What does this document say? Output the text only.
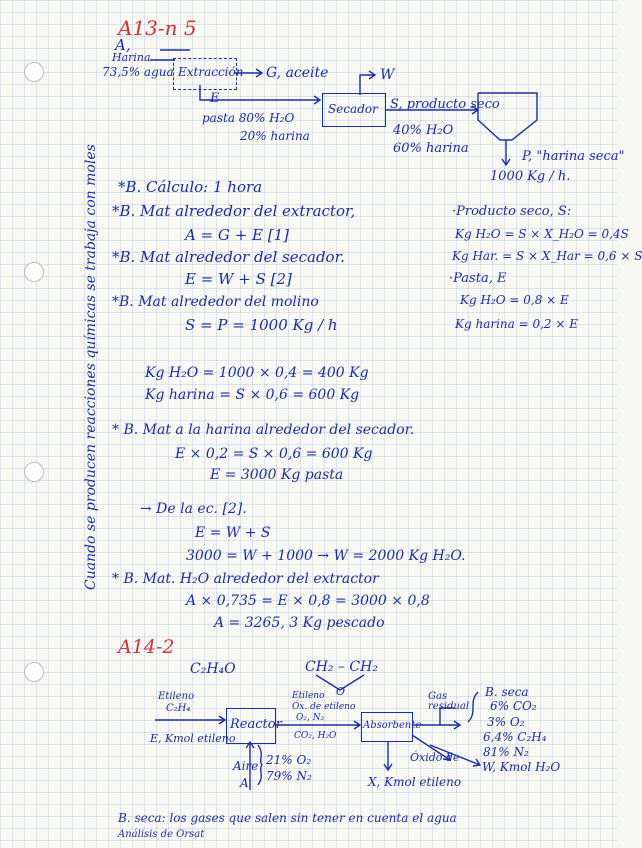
A13-n 5
A,
Harina
73,5% agua Extracción G, aceite	W
Secador S, producto seco
E
pasta 80% H₂O
20% harina	40% H₂O
60% harina
P, "harina seca"
1000 Kg / h.
*B. Cálculo: 1 hora
*B. Mat alrededor del extractor,
A = G + E [1]
*B. Mat alrededor del secador.
E = W + S [2]
*B. Mat alrededor del molino
S = P = 1000 Kg / h
Kg H₂O = 1000 × 0,4 = 400 Kg
Kg harina = S × 0,6 = 600 Kg
* B. Mat a la harina alrededor del secador.
E × 0,2 = S × 0,6 = 600 Kg
E = 3000 Kg pasta
→ De la ec. [2].
E = W + S
3000 = W + 1000 → W = 2000 Kg H₂O.
* B. Mat. H₂O alrededor del extractor
A × 0,735 = E × 0,8 = 3000 × 0,8
A = 3265, 3 Kg pescado
·Producto seco, S:
Kg H₂O = S × X_H₂O = 0,4S
Kg Har. = S × X_Har = 0,6 × S
·Pasta, E
Kg H₂O = 0,8 × E
Kg harina = 0,2 × E
Cuando se producen reacciones químicas se trabaja con moles
A14-2
C₂H₄O	CH₂ – CH₂
O
Etileno
C₂H₄
E, Kmol etileno
Reactor
Etileno
Óx. de etileno
O₂, N₂
CO₂, H₂O
Absorbente
Gas residual
B. seca
6% CO₂
3% O₂
6,4% C₂H₄
81% N₂
W, Kmol H₂O
Aire
A
21% O₂
79% N₂
Óxido de
X, Kmol etileno
B. seca: los gases que salen sin tener en cuenta el agua
Análisis de Orsat
